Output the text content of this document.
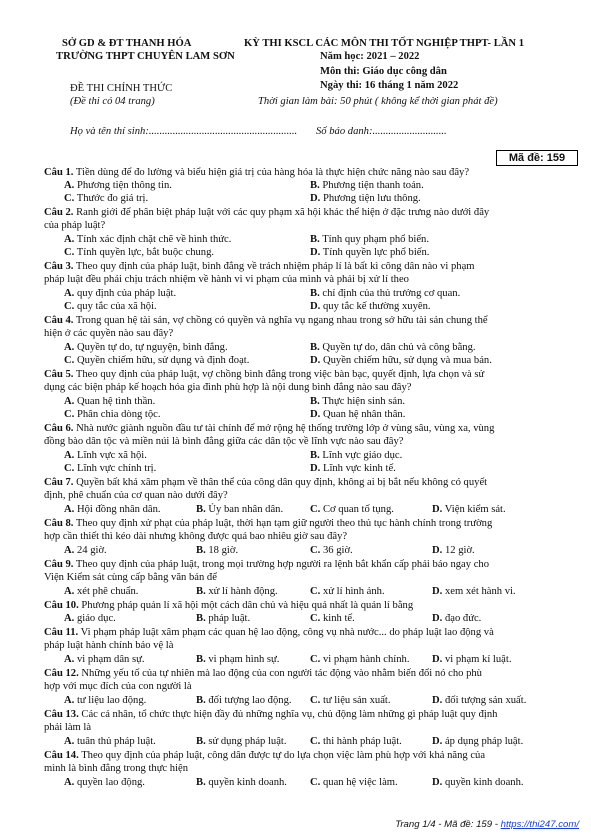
SỞ GD & ĐT THANH HÓA
TRƯỜNG THPT CHUYÊN LAM SƠN
KỲ THI KSCL CÁC MÔN THI TỐT NGHIỆP THPT- LẦN 1
Năm học: 2021 – 2022
Môn thi: Giáo dục công dân
Ngày thi: 16 tháng 1 năm 2022
ĐỀ THI CHÍNH THỨC
(Đề thi có 04 trang)	Thời gian làm bài: 50 phút ( không kể thời gian phát đề)
Họ và tên thí sinh:........................................................ Số báo danh:............................
Mã đề: 159
Câu 1. Tiền dùng để đo lường và biểu hiện giá trị của hàng hóa là thực hiện chức năng nào sau đây?
A. Phương tiện thông tin.	B. Phương tiện thanh toán.
C. Thước đo giá trị.	D. Phương tiện lưu thông.
Câu 2. Ranh giới để phân biệt pháp luật với các quy phạm xã hội khác thể hiện ở đặc trưng nào dưới đây
của pháp luật?
A. Tính xác định chặt chẽ về hình thức.	B. Tính quy phạm phổ biến.
C. Tính quyền lực, bắt buộc chung.	D. Tính quyền lực phổ biến.
Câu 3. Theo quy định của pháp luật, bình đẳng về trách nhiệm pháp lí là bất kì công dân nào vi phạm
pháp luật đều phải chịu trách nhiệm về hành vi vi phạm của mình và phải bị xử lí theo
A. quy định của pháp luật.	B. chỉ định của thủ trưởng cơ quan.
C. quy tắc của xã hội.	D. quy tắc kế thường xuyên.
Câu 4. Trong quan hệ tài sản, vợ chồng có quyền và nghĩa vụ ngang nhau trong sở hữu tài sản chung thể
hiện ở các quyền nào sau đây?
A. Quyền tự do, tự nguyện, bình đẳng.	B. Quyền tự do, dân chủ và công bằng.
C. Quyền chiếm hữu, sử dụng và định đoạt.	D. Quyền chiếm hữu, sử dụng và mua bán.
Câu 5. Theo quy định của pháp luật, vợ chồng bình đẳng trong việc bàn bạc, quyết định, lựa chọn và sử
dụng các biện pháp kế hoạch hóa gia đình phù hợp là nội dung bình đẳng nào sau đây?
A. Quan hệ tình thần.	B. Thực hiện sinh sản.
C. Phân chia dòng tộc.	D. Quan hệ nhân thân.
Câu 6. Nhà nước giành nguồn đầu tư tài chính để mở rộng hệ thống trường lớp ở vùng sâu, vùng xa, vùng
đồng bào dân tộc và miền núi là bình đẳng giữa các dân tộc về lĩnh vực nào sau đây?
A. Lĩnh vực xã hội.	B. Lĩnh vực giáo dục.
C. Lĩnh vực chính trị.	D. Lĩnh vực kinh tế.
Câu 7. Quyền bất khả xâm phạm về thân thể của công dân quy định, không ai bị bắt nếu không có quyết
định, phê chuẩn của cơ quan nào dưới đây?
A. Hội đồng nhân dân.	B. Ủy ban nhân dân.	C. Cơ quan tố tụng.	D. Viện kiểm sát.
Câu 8. Theo quy định xử phạt của pháp luật, thời hạn tạm giữ người theo thủ tục hành chính trong trường
hợp cần thiết thì kéo dài nhưng không được quá bao nhiêu giờ sau đây?
A. 24 giờ.	B. 18 giờ.	C. 36 giờ.	D. 12 giờ.
Câu 9. Theo quy định của pháp luật, trong mọi trường hợp người ra lệnh bắt khẩn cấp phải báo ngay cho
Viện Kiểm sát cùng cấp bằng văn bản để
A. xét phê chuẩn.	B. xử lí hành động.	C. xử lí hình ảnh.	D. xem xét hành vi.
Câu 10. Phương pháp quản lí xã hội một cách dân chủ và hiệu quả nhất là quản lí bằng
A. giáo dục.	B. pháp luật.	C. kinh tế.	D. đạo đức.
Câu 11. Vi phạm pháp luật xâm phạm các quan hệ lao động, công vụ nhà nước... do pháp luật lao động và
pháp luật hành chính bảo vệ là
A. vi phạm dân sự.	B. vi phạm hình sự.	C. vi phạm hành chính. D. vi phạm kỉ luật.
Câu 12. Những yếu tố của tự nhiên mà lao động của con người tác động vào nhằm biến đổi nó cho phù
hợp với mục đích của con người là
A. tư liệu lao động.	B. đối tượng lao động. C. tư liệu sản xuất.	D. đối tượng sản xuất.
Câu 13. Các cá nhân, tổ chức thực hiện đầy đủ những nghĩa vụ, chủ động làm những gì pháp luật quy định
phải làm là
A. tuân thủ pháp luật.	B. sử dụng pháp luật. C. thi hành pháp luật.	D. áp dụng pháp luật.
Câu 14. Theo quy định của pháp luật, công dân được tự do lựa chọn việc làm phù hợp với khả năng của
mình là bình đẳng trong thực hiện
A. quyền lao động.	B. quyền kinh doanh. C. quan hệ việc làm.	D. quyền kinh doanh.
Trang 1/4 - Mã đề: 159 - https://thi247.com/
